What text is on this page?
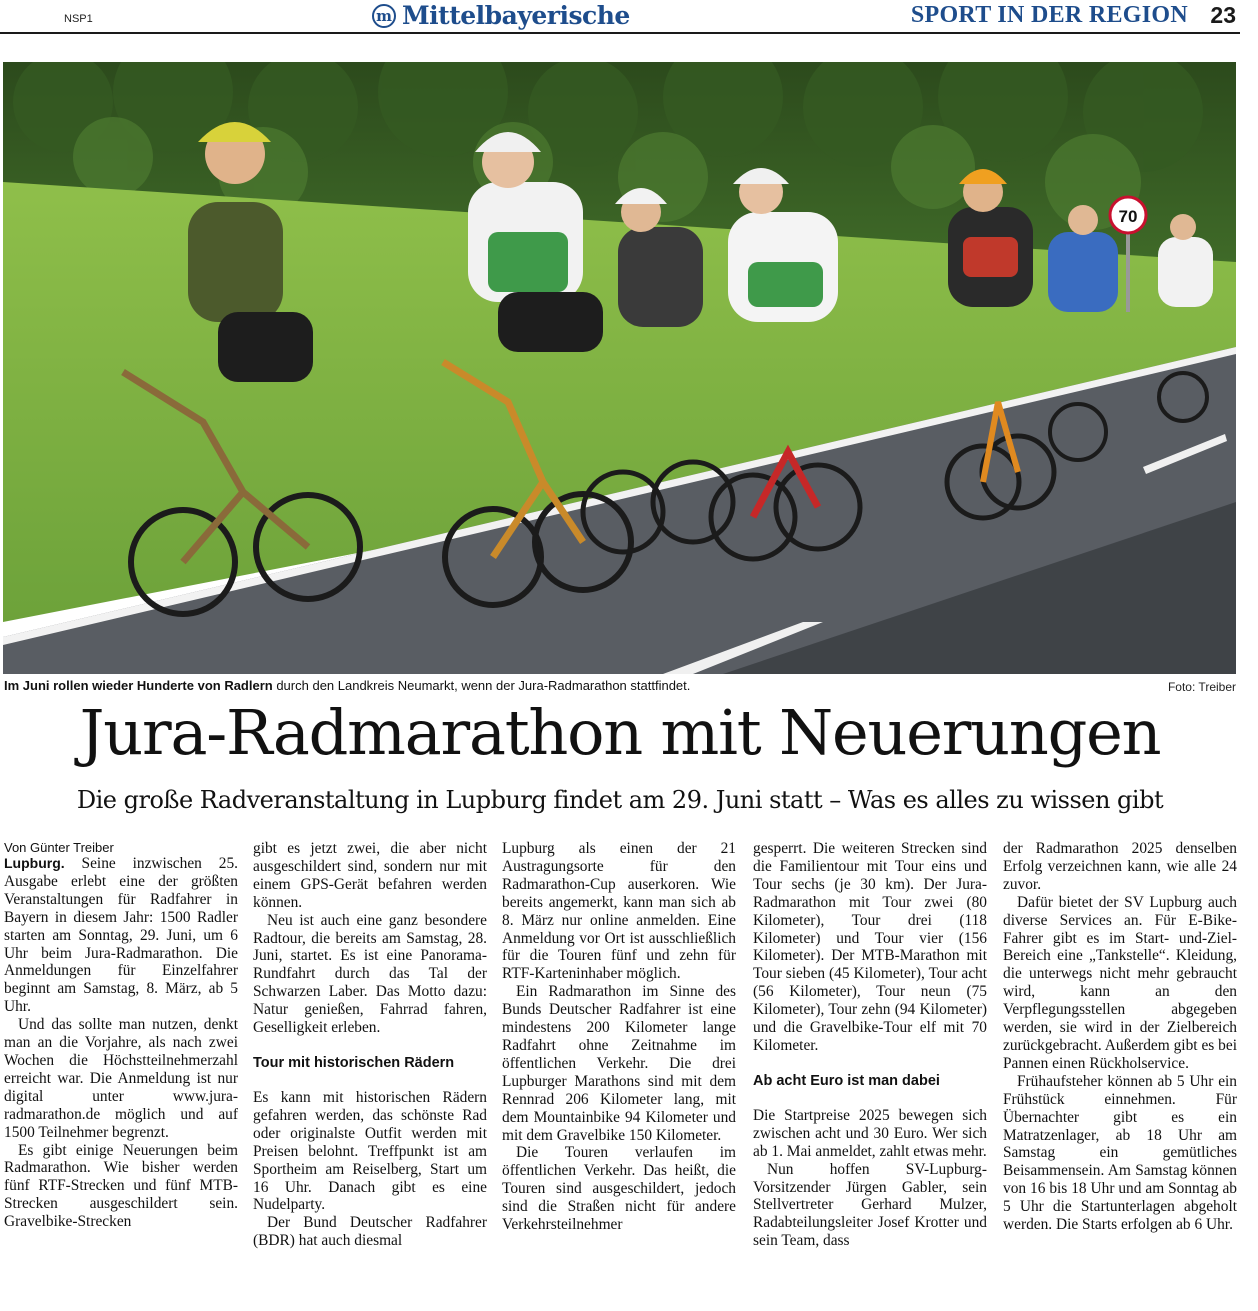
NSP1	m Mittelbayerische	SPORT IN DER REGION 23
70
Im Juni rollen wieder Hunderte von Radlern durch den Landkreis Neumarkt, wenn der Jura-Radmarathon stattfindet.	Foto: Treiber
Jura-Radmarathon mit Neuerungen
Die große Radveranstaltung in Lupburg findet am 29. Juni statt – Was es alles zu wissen gibt

Von Günter Treiber

Lupburg. Seine inzwischen 25. Ausgabe erlebt eine der größten Veranstaltungen für Radfahrer in Bayern in diesem Jahr: 1500 Radler starten am Sonntag, 29. Juni, um 6 Uhr beim Jura-Radmarathon. Die Anmeldungen für Einzelfahrer beginnt am Samstag, 8. März, ab 5 Uhr.

Und das sollte man nutzen, denkt man an die Vorjahre, als nach zwei Wochen die Höchstteilnehmerzahl erreicht war. Die Anmeldung ist nur digital unter www.jura-radmarathon.de möglich und auf 1500 Teilnehmer begrenzt.

Es gibt einige Neuerungen beim Radmarathon. Wie bisher werden fünf RTF-Strecken und fünf MTB-Strecken ausgeschildert sein. Gravelbike-Strecken

gibt es jetzt zwei, die aber nicht ausgeschildert sind, sondern nur mit einem GPS-Gerät befahren werden können.

Neu ist auch eine ganz besondere Radtour, die bereits am Samstag, 28. Juni, startet. Es ist eine Panorama-Rundfahrt durch das Tal der Schwarzen Laber. Das Motto dazu: Natur genießen, Fahrrad fahren, Geselligkeit erleben.

Tour mit historischen Rädern

Es kann mit historischen Rädern gefahren werden, das schönste Rad oder originalste Outfit werden mit Preisen belohnt. Treffpunkt ist am Sportheim am Reiselberg, Start um 16 Uhr. Danach gibt es eine Nudelparty.

Der Bund Deutscher Radfahrer (BDR) hat auch diesmal

Lupburg als einen der 21 Austragungsorte für den Radmarathon-Cup auserkoren. Wie bereits angemerkt, kann man sich ab 8. März nur online anmelden. Eine Anmeldung vor Ort ist ausschließlich für die Touren fünf und zehn für RTF-Karteninhaber möglich.

Ein Radmarathon im Sinne des Bunds Deutscher Radfahrer ist eine mindestens 200 Kilometer lange Radfahrt ohne Zeitnahme im öffentlichen Verkehr. Die drei Lupburger Marathons sind mit dem Rennrad 206 Kilometer lang, mit dem Mountainbike 94 Kilometer und mit dem Gravelbike 150 Kilometer.

Die Touren verlaufen im öffentlichen Verkehr. Das heißt, die Touren sind ausgeschildert, jedoch sind die Straßen nicht für andere Verkehrsteilnehmer

gesperrt. Die weiteren Strecken sind die Familientour mit Tour eins und Tour sechs (je 30 km). Der Jura-Radmarathon mit Tour zwei (80 Kilometer), Tour drei (118 Kilometer) und Tour vier (156 Kilometer). Der MTB-Marathon mit Tour sieben (45 Kilometer), Tour acht (56 Kilometer), Tour neun (75 Kilometer), Tour zehn (94 Kilometer) und die Gravelbike-Tour elf mit 70 Kilometer.

Ab acht Euro ist man dabei

Die Startpreise 2025 bewegen sich zwischen acht und 30 Euro. Wer sich ab 1. Mai anmeldet, zahlt etwas mehr.

Nun hoffen SV-Lupburg-Vorsitzender Jürgen Gabler, sein Stellvertreter Gerhard Mulzer, Radabteilungsleiter Josef Krotter und sein Team, dass

der Radmarathon 2025 denselben Erfolg verzeichnen kann, wie alle 24 zuvor.

Dafür bietet der SV Lupburg auch diverse Services an. Für E-Bike-Fahrer gibt es im Start- und-Ziel-Bereich eine „Tankstelle“. Kleidung, die unterwegs nicht mehr gebraucht wird, kann an den Verpflegungsstellen abgegeben werden, sie wird in der Zielbereich zurückgebracht. Außerdem gibt es bei Pannen einen Rückholservice.

Frühaufsteher können ab 5 Uhr ein Frühstück einnehmen. Für Übernachter gibt es ein Matratzenlager, ab 18 Uhr am Samstag ein gemütliches Beisammensein. Am Samstag können von 16 bis 18 Uhr und am Sonntag ab 5 Uhr die Startunterlagen abgeholt werden. Die Starts erfolgen ab 6 Uhr.
